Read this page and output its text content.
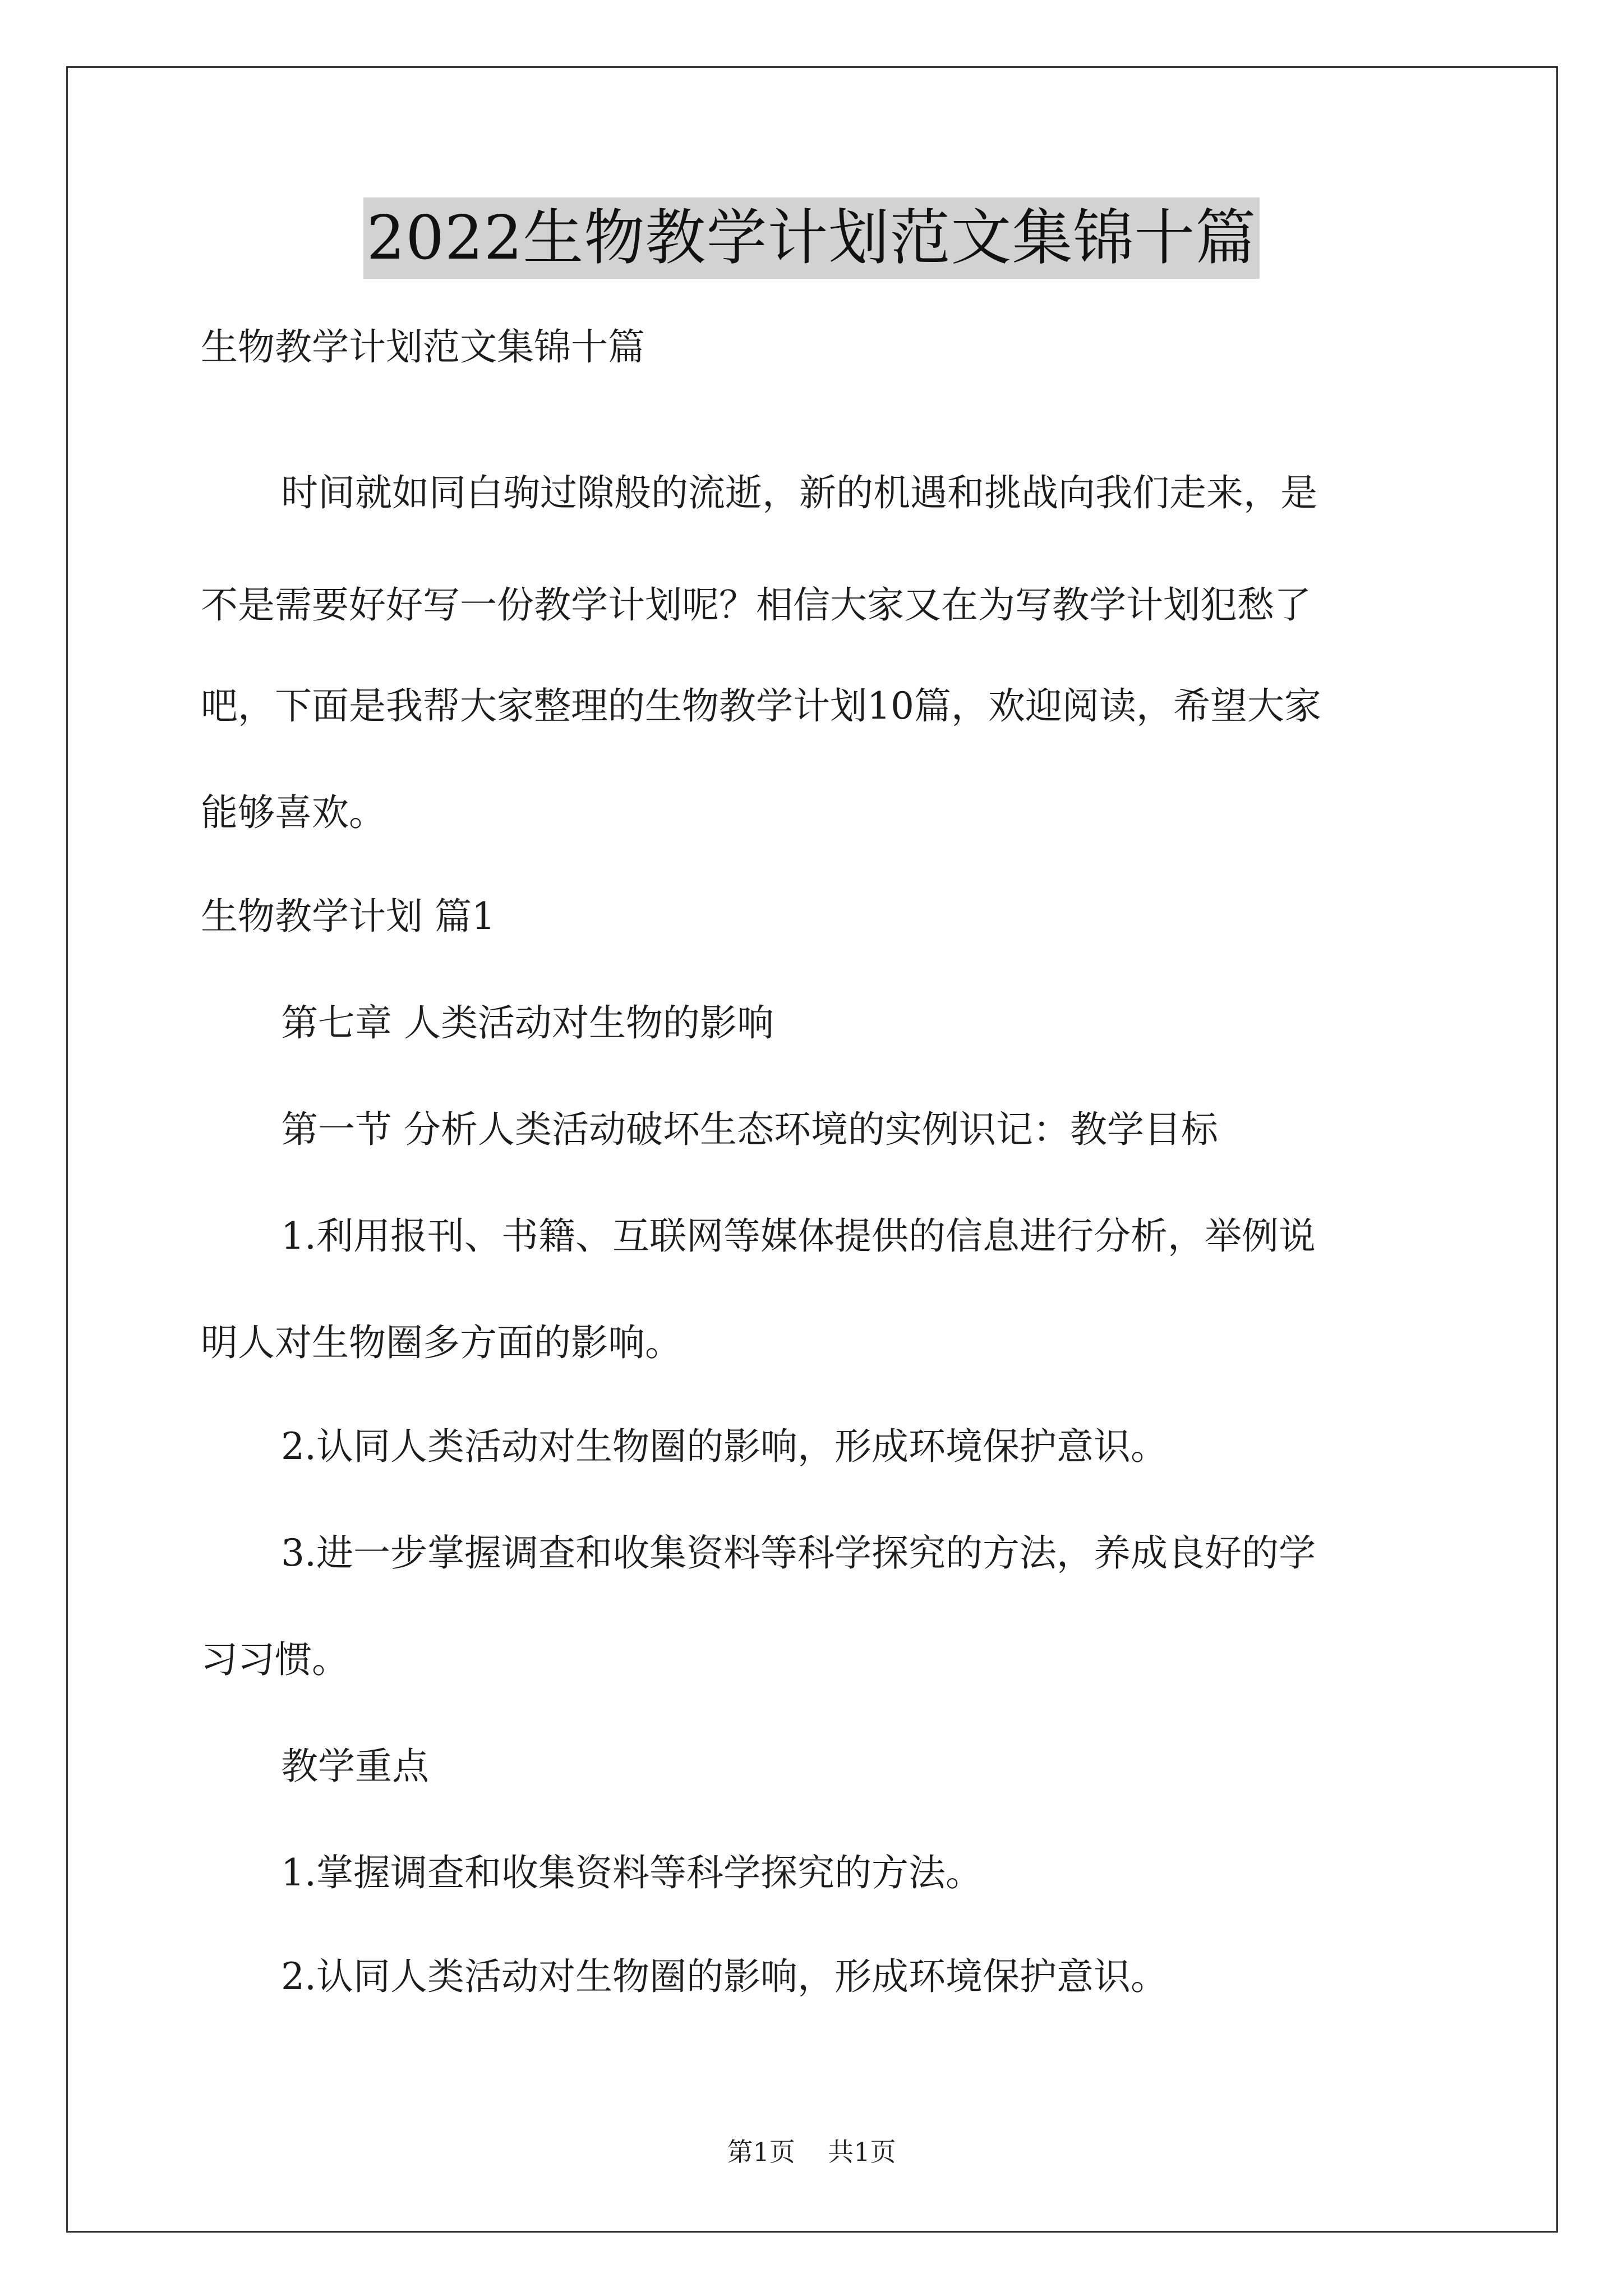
2022生物教学计划范文集锦十篇
生物教学计划范文集锦十篇
时间就如同白驹过隙般的流逝，新的机遇和挑战向我们走来，是
不是需要好好写一份教学计划呢？相信大家又在为写教学计划犯愁了
吧，下面是我帮大家整理的生物教学计划10篇，欢迎阅读，希望大家
能够喜欢。
生物教学计划 篇1
第七章 人类活动对生物的影响
第一节 分析人类活动破坏生态环境的实例识记：教学目标
1.利用报刊、书籍、互联网等媒体提供的信息进行分析，举例说
明人对生物圈多方面的影响。
2.认同人类活动对生物圈的影响，形成环境保护意识。
3.进一步掌握调查和收集资料等科学探究的方法，养成良好的学
习习惯。
教学重点
1.掌握调查和收集资料等科学探究的方法。
2.认同人类活动对生物圈的影响，形成环境保护意识。
第1页    共1页
